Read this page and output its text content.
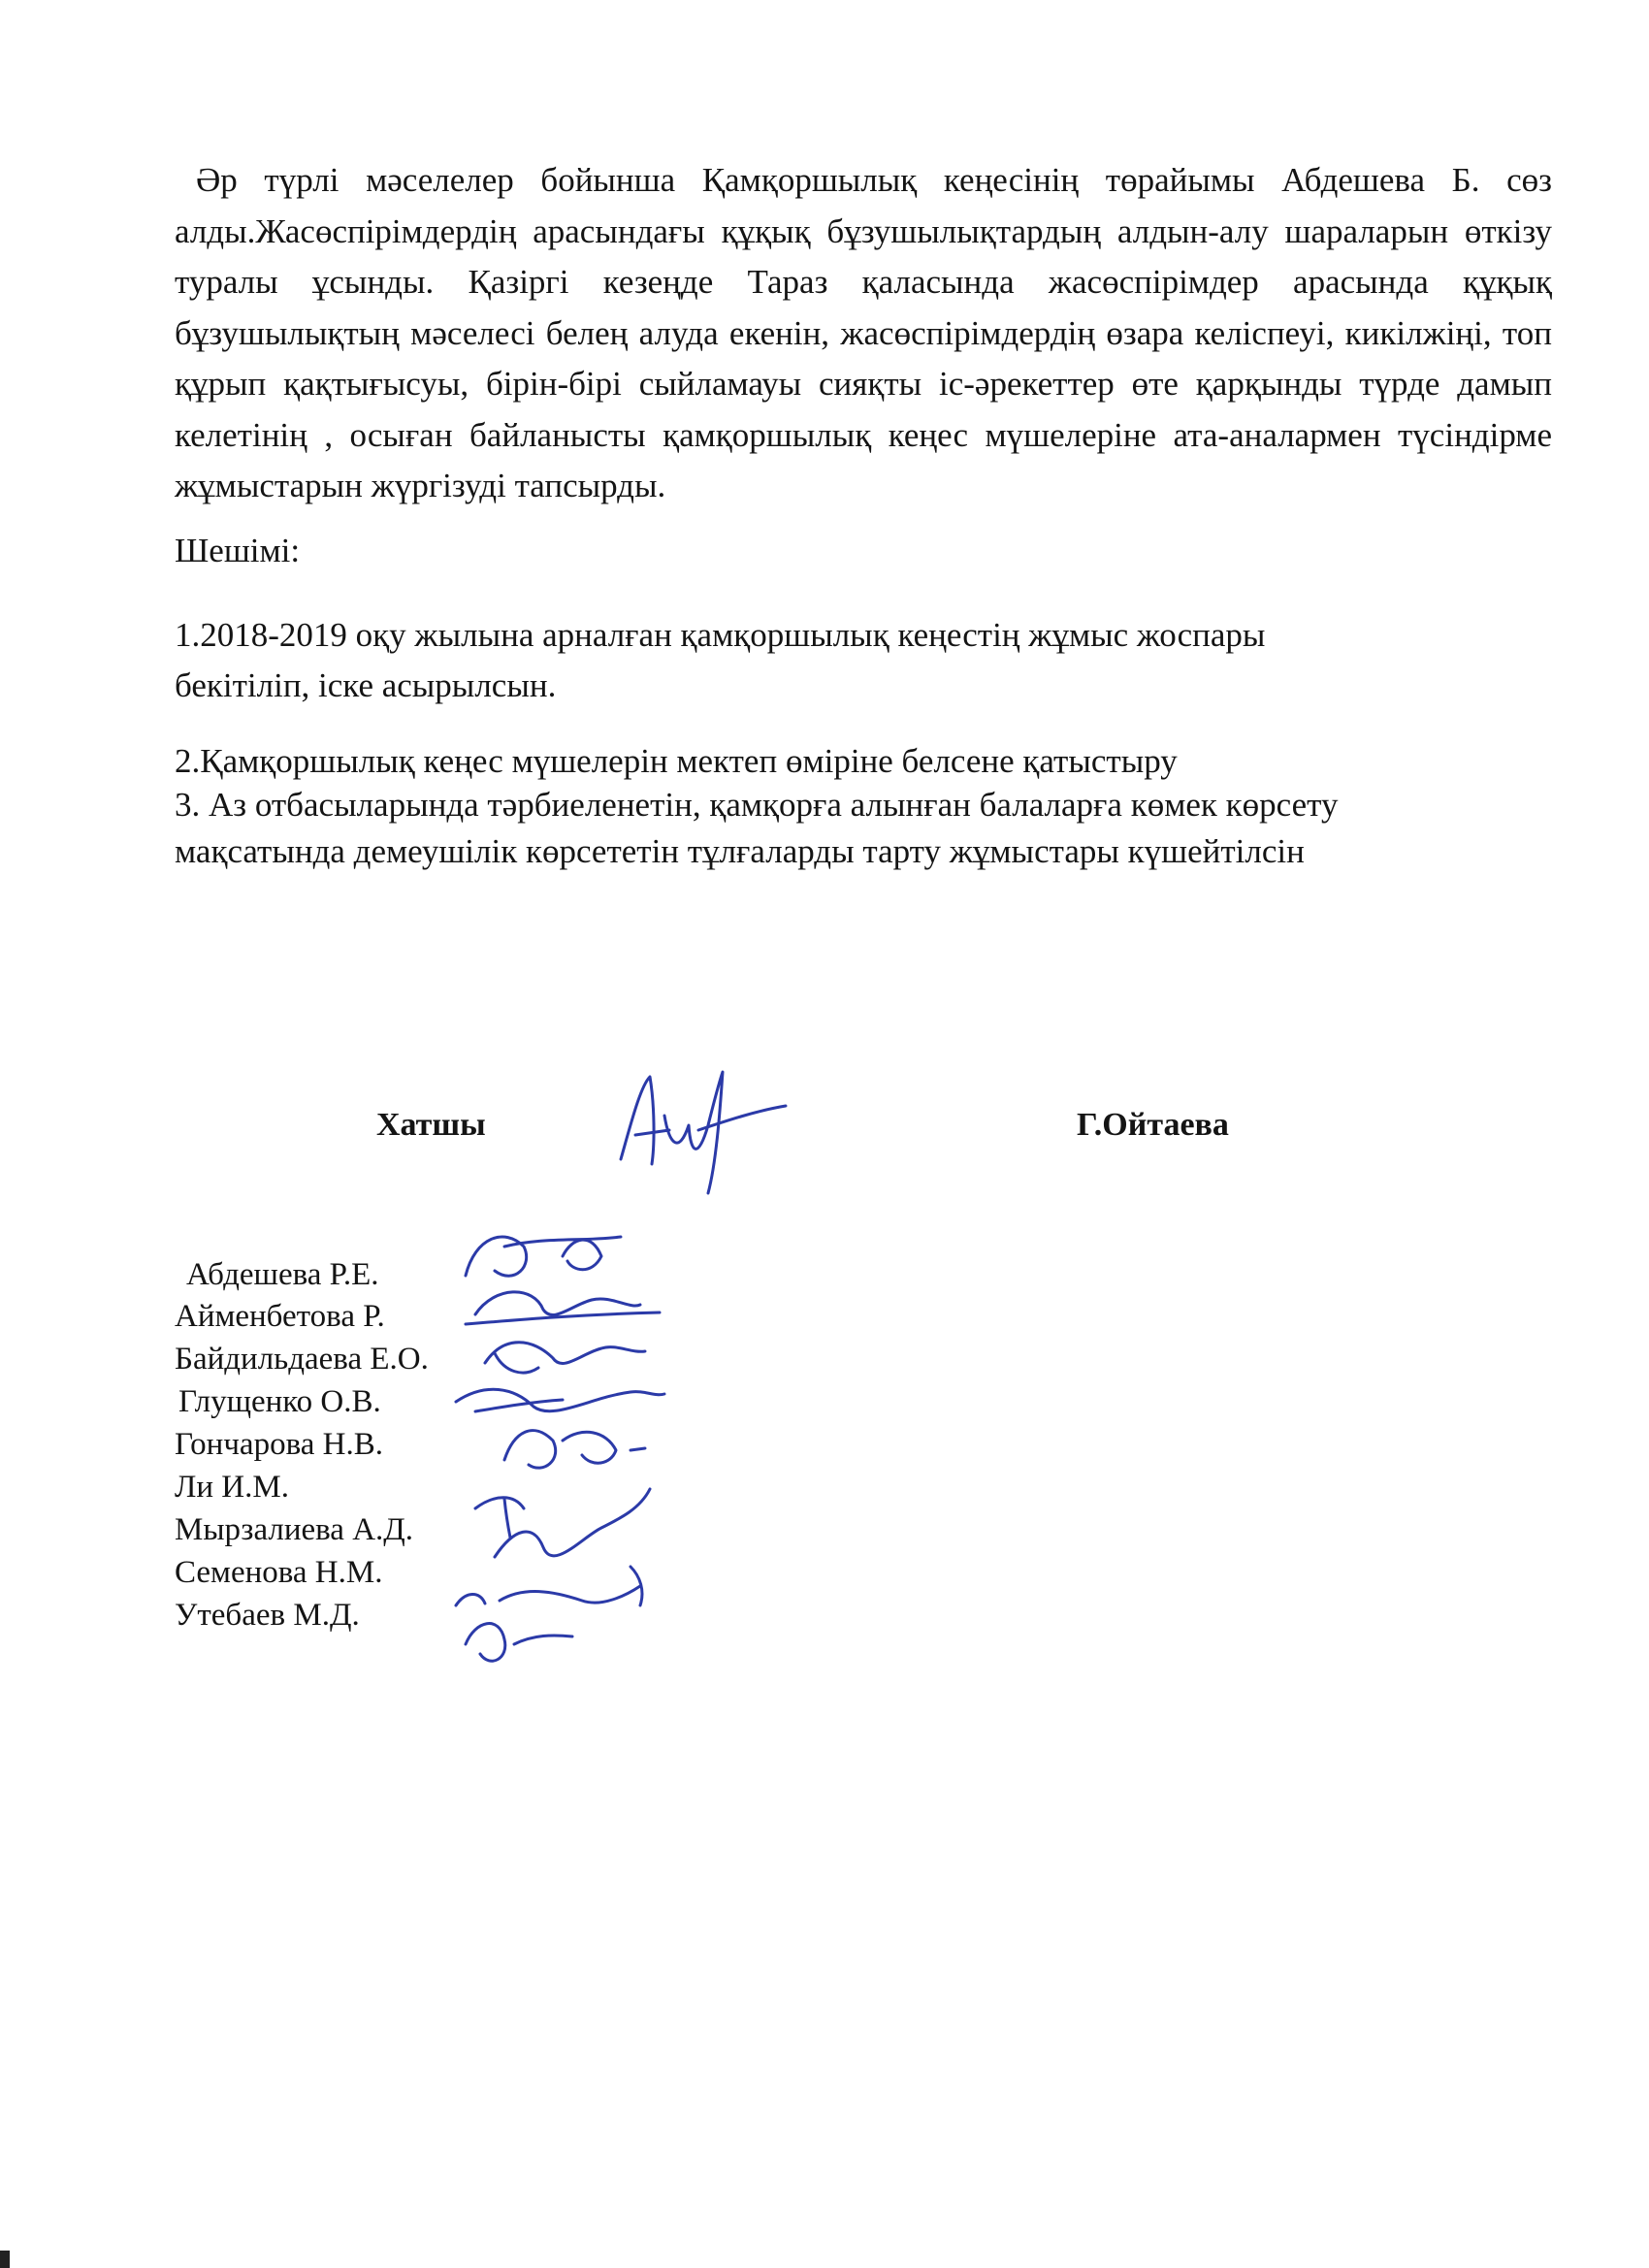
Әр түрлі мәселелер бойынша Қамқоршылық кеңесінің төрайымы Абдешева Б. сөз алды.Жасөспірімдердің арасындағы құқық бұзушылықтардың алдын-алу шараларын өткізу туралы ұсынды. Қазіргі кезеңде Тараз қаласында жасөспірімдер арасында құқық бұзушылықтың мәселесі белең алуда екенін, жасөспірімдердің өзара келіспеуі, кикілжіңі, топ құрып қақтығысуы, бірін-бірі сыйламауы сияқты іс-әрекеттер өте қарқынды түрде дамып келетінің , осыған байланысты қамқоршылық кеңес мүшелеріне ата-аналармен түсіндірме жұмыстарын жүргізуді тапсырды.
Шешімі:
1.2018-2019 оқу жылына арналған қамқоршылық кеңестің жұмыс жоспары
бекітіліп, іске асырылсын.
2.Қамқоршылық кеңес мүшелерін мектеп өміріне белсене қатыстыру
3. Аз отбасыларында тәрбиеленетін, қамқорға алынған балаларға көмек көрсету
мақсатында демеушілік көрсететін тұлғаларды тарту жұмыстары күшейтілсін
Хатшы	Г.Ойтаева
Абдешева Р.Е.
Айменбетова Р.
Байдильдаева Е.О.
Глущенко О.В.
Гончарова Н.В.
Ли И.М.
Мырзалиева А.Д.
Семенова Н.М.
Утебаев М.Д.
